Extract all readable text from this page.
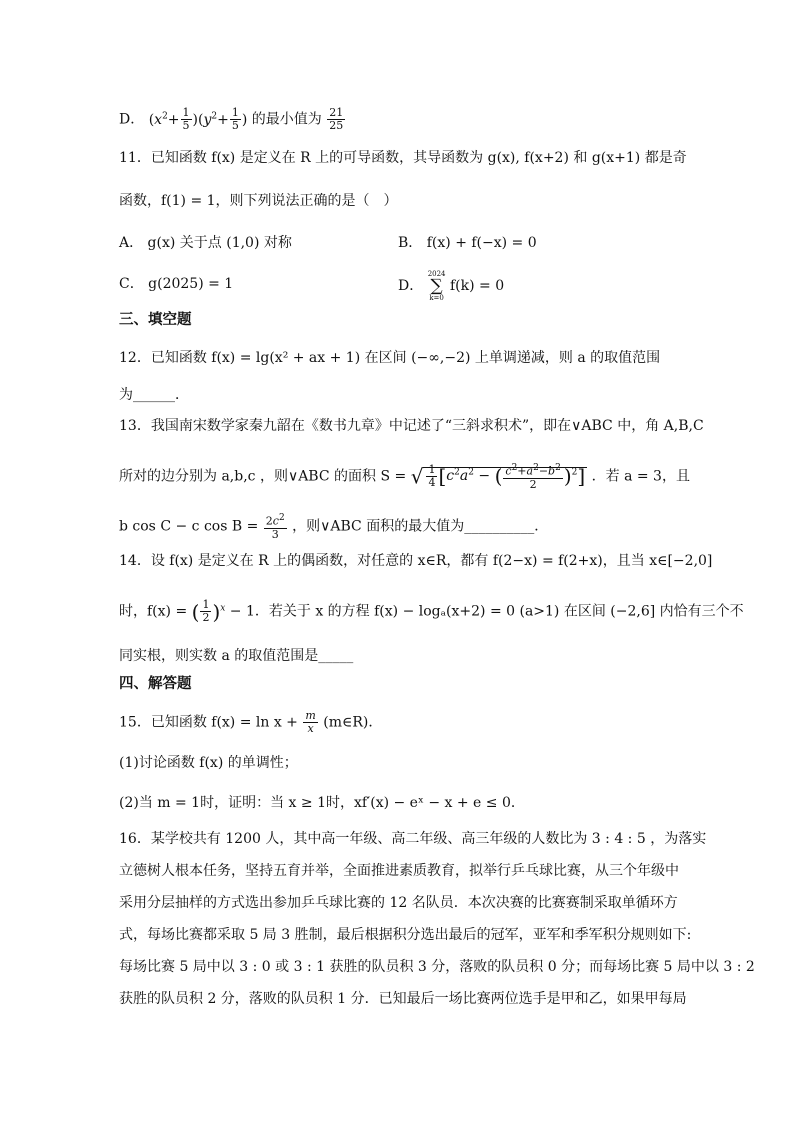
D． $(x^2+ \frac{1}{5} )(y^2+ \frac{1}{5}$ ) 的最小值为 $\frac{21}{25}$
11．已知函数 f(x) 是定义在 R 上的可导函数，其导函数为 g(x), f(x+2) 和 g(x+1) 都是奇
函数，f(1) = 1，则下列说法正确的是（　）
A． g(x) 关于点 (1,0) 对称	B． f(x) + f(−x) = 0
C． g(2025) = 1	D． 2024
∑
k=0 f(k) = 0
三、填空题
12．已知函数 f(x) = lg(x² + ax + 1) 在区间 (−∞,−2) 上单调递减，则 a 的取值范围
为______．
13．我国南宋数学家秦九韶在《数书九章》中记述了“三斜求积术”，即在∨ABC 中，角 A,B,C
所对的边分别为 a,b,c ，则∨ABC 的面积 S = √ $\frac{1}{4} [c^2a^2$ − ( $\frac{c^2+a^2-b^2}{2} )^2$] ．若 a = 3，且
b cos C − c $\cos B = \frac{2c^2}{3}$ ，则∨ABC 面积的最大值为__________．
14．设 f(x) 是定义在 R 上的偶函数，对任意的 x∈R，都有 f(2−x) = f(2+x)，且当 x∈[−2,0]
时，f(x) = ( $\frac{1}{2} )^x - 1$．若关于 x 的方程 f(x) − logₐ(x+2) = 0 (a>1) 在区间 (−2,6] 内恰有三个不
同实根，则实数 a 的取值范围是_____
四、解答题
15．已知函数 $f(x) = \ln x + \frac{m}{x}$ (m∈R)．
(1)讨论函数 f(x) 的单调性；
(2)当 m = 1时，证明：当 x ≥ 1时，xf′(x) − eˣ − x + e ≤ 0．
16．某学校共有 1200 人，其中高一年级、高二年级、高三年级的人数比为 3 : 4 : 5 ，为落实
立德树人根本任务，坚持五育并举，全面推进素质教育，拟举行乒乓球比赛，从三个年级中
采用分层抽样的方式选出参加乒乓球比赛的 12 名队员．本次决赛的比赛赛制采取单循环方
式，每场比赛都采取 5 局 3 胜制，最后根据积分选出最后的冠军，亚军和季军积分规则如下:
每场比赛 5 局中以 3 : 0 或 3 : 1 获胜的队员积 3 分，落败的队员积 0 分；而每场比赛 5 局中以 3 : 2
获胜的队员积 2 分，落败的队员积 1 分．已知最后一场比赛两位选手是甲和乙，如果甲每局
